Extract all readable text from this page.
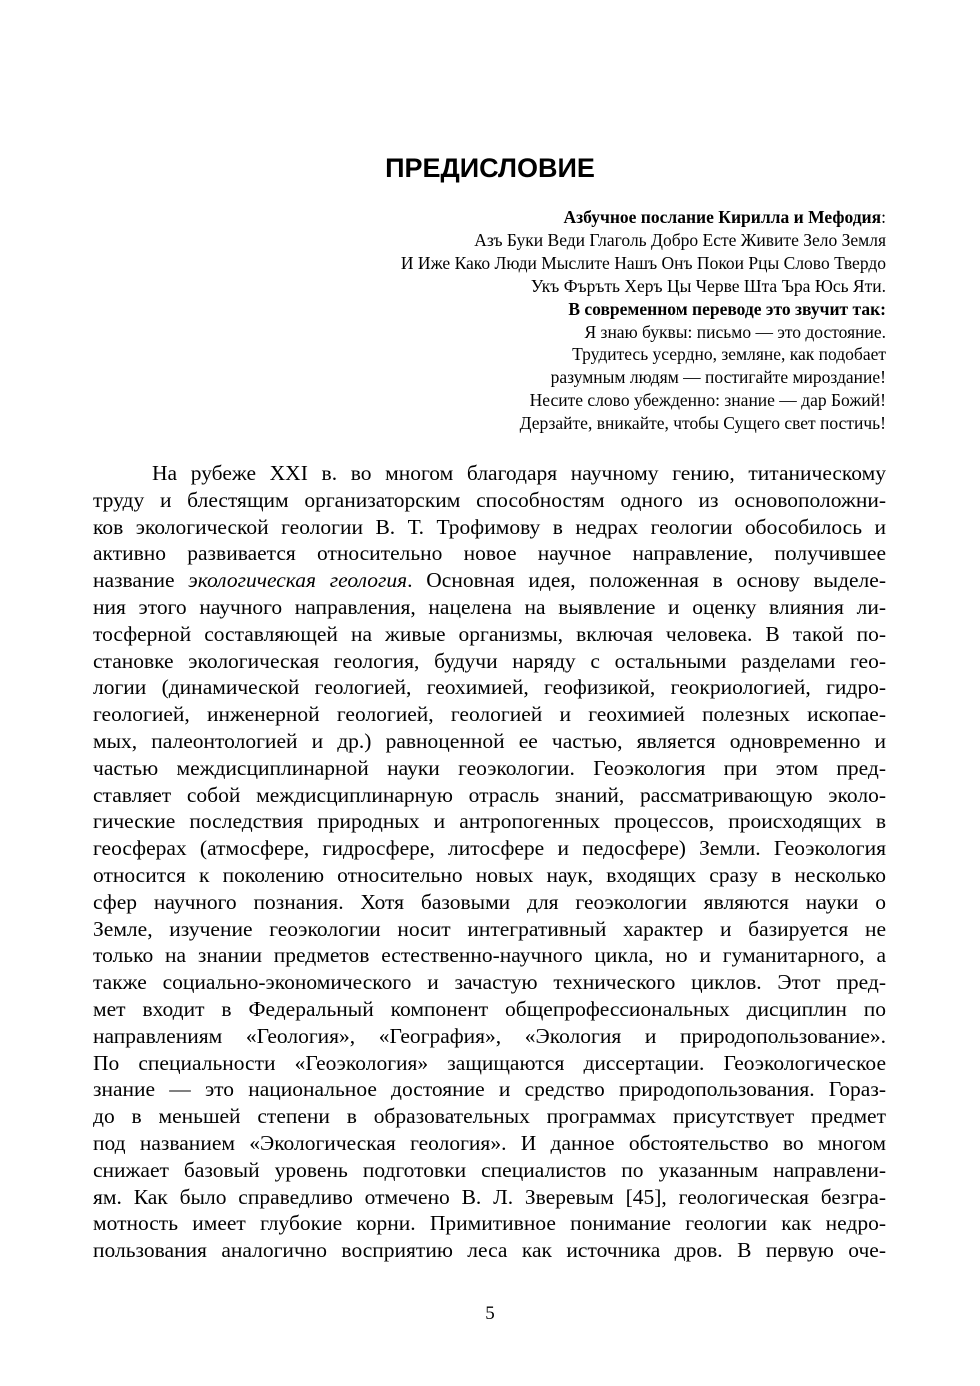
ПРЕДИСЛОВИЕ
Азбучное послание Кирилла и Мефодия:
Азъ Буки Веди Глаголь Добро Есте Живите Зело Земля
И Иже Како Люди Мыслите Нашъ Онъ Покои Рцы Слово Твердо
Укъ Фъръть Херъ Цы Черве Шта Ъра Юсь Яти.
В современном переводе это звучит так:
Я знаю буквы: письмо — это достояние.
Трудитесь усердно, земляне, как подобает
разумным людям — постигайте мироздание!
Несите слово убежденно: знание — дар Божий!
Дерзайте, вникайте, чтобы Сущего свет постичь!
На рубеже XXI в. во многом благодаря научному гению, титаническому
труду и блестящим организаторским способностям одного из основоположни-
ков экологической геологии В. Т. Трофимову в недрах геологии обособилось и
активно развивается относительно новое научное направление, получившее
название экологическая геология. Основная идея, положенная в основу выделе-
ния этого научного направления, нацелена на выявление и оценку влияния ли-
тосферной составляющей на живые организмы, включая человека. В такой по-
становке экологическая геология, будучи наряду с остальными разделами гео-
логии (динамической геологией, геохимией, геофизикой, геокриологией, гидро-
геологией, инженерной геологией, геологией и геохимией полезных ископае-
мых, палеонтологией и др.) равноценной ее частью, является одновременно и
частью междисциплинарной науки геоэкологии. Геоэкология при этом пред-
ставляет собой междисциплинарную отрасль знаний, рассматривающую эколо-
гические последствия природных и антропогенных процессов, происходящих в
геосферах (атмосфере, гидросфере, литосфере и педосфере) Земли. Геоэкология
относится к поколению относительно новых наук, входящих сразу в несколько
сфер научного познания. Хотя базовыми для геоэкологии являются науки о
Земле, изучение геоэкологии носит интегративный характер и базируется не
только на знании предметов естественно-научного цикла, но и гуманитарного, а
также социально-экономического и зачастую технического циклов. Этот пред-
мет входит в Федеральный компонент общепрофессиональных дисциплин по
направлениям «Геология», «География», «Экология и природопользование».
По специальности «Геоэкология» защищаются диссертации. Геоэкологическое
знание — это национальное достояние и средство природопользования. Гораз-
до в меньшей степени в образовательных программах присутствует предмет
под названием «Экологическая геология». И данное обстоятельство во многом
снижает базовый уровень подготовки специалистов по указанным направлени-
ям. Как было справедливо отмечено В. Л. Зверевым [45], геологическая безгра-
мотность имеет глубокие корни. Примитивное понимание геологии как недро-
пользования аналогично восприятию леса как источника дров. В первую оче-
5
